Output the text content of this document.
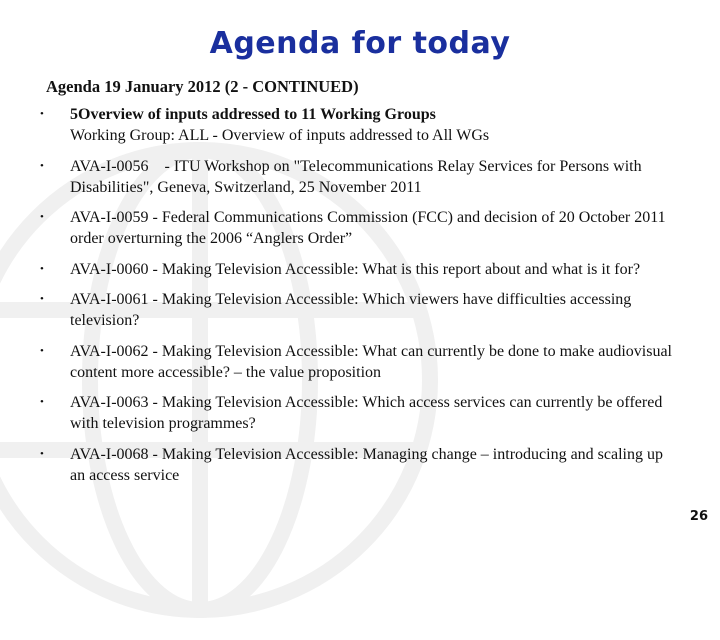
Agenda for today
Agenda 19 January 2012 (2 - CONTINUED)
•	5Overview of inputs addressed to 11 Working Groups
Working Group: ALL - Overview of inputs addressed to All WGs
•	AVA-I-0056    - ITU Workshop on "Telecommunications Relay Services for Persons with Disabilities", Geneva, Switzerland, 25 November 2011
•	AVA-I-0059 - Federal Communications Commission (FCC) and decision of 20 October 2011 order overturning the 2006 “Anglers Order”
•	AVA-I-0060 - Making Television Accessible: What is this report about and what is it for?
•	AVA-I-0061 - Making Television Accessible: Which viewers have difficulties accessing television?
•	AVA-I-0062 - Making Television Accessible: What can currently be done to make audiovisual content more accessible? – the value proposition
•	AVA-I-0063 - Making Television Accessible: Which access services can currently be offered with television programmes?
•	AVA-I-0068 - Making Television Accessible: Managing change – introducing and scaling up an access service
26
